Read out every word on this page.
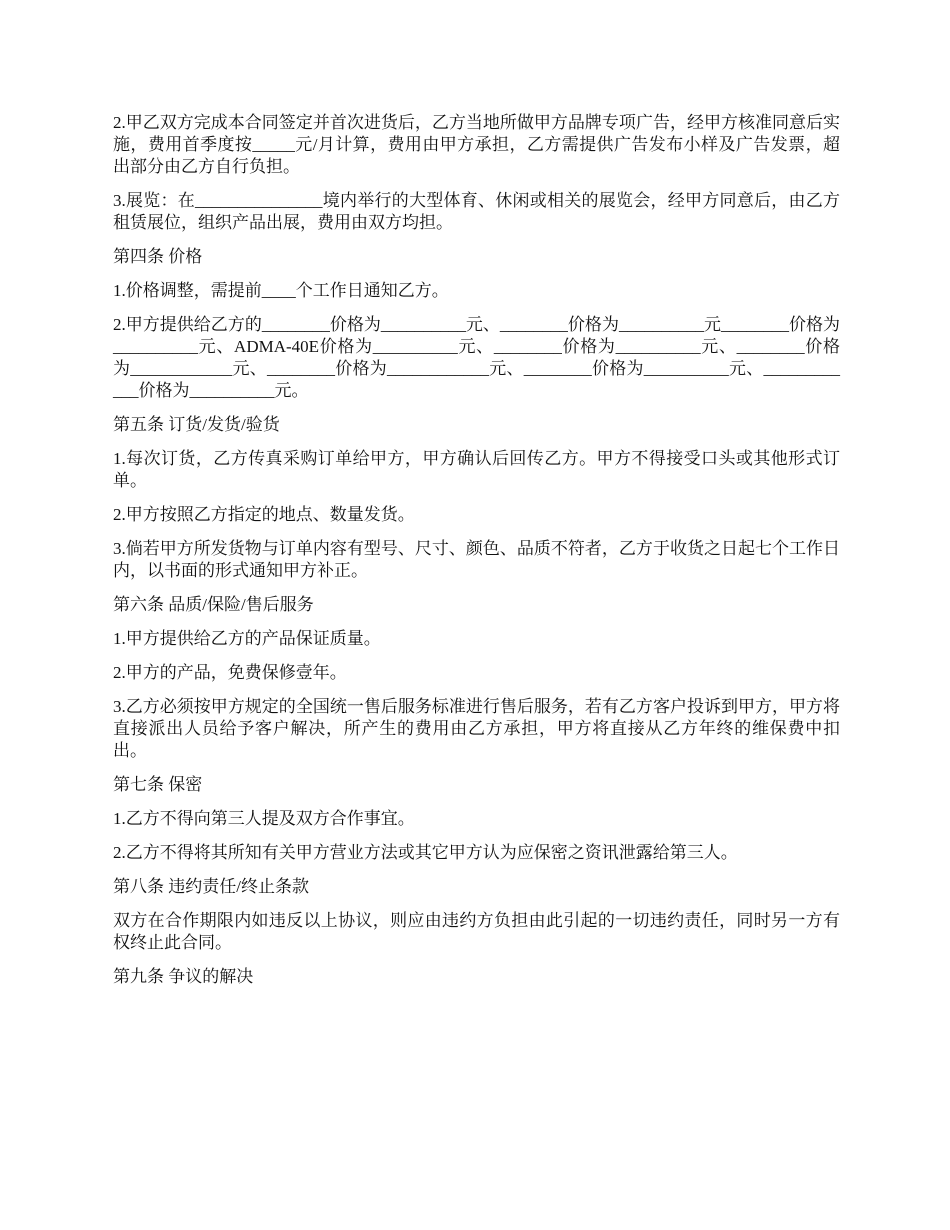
2.甲乙双方完成本合同签定并首次进货后，乙方当地所做甲方品牌专项广告，经甲方核准同意后实施，费用首季度按_____元/月计算，费用由甲方承担，乙方需提供广告发布小样及广告发票，超出部分由乙方自行负担。

3.展览：在_______________境内举行的大型体育、休闲或相关的展览会，经甲方同意后，由乙方租赁展位，组织产品出展，费用由双方均担。

第四条 价格

1.价格调整，需提前____个工作日通知乙方。

2.甲方提供给乙方的________价格为__________元、________价格为__________元________价格为__________元、ADMA-40E价格为__________元、________价格为__________元、________价格为____________元、________价格为____________元、________价格为__________元、____________价格为__________元。

第五条 订货/发货/验货

1.每次订货，乙方传真采购订单给甲方，甲方确认后回传乙方。甲方不得接受口头或其他形式订单。

2.甲方按照乙方指定的地点、数量发货。

3.倘若甲方所发货物与订单内容有型号、尺寸、颜色、品质不符者，乙方于收货之日起七个工作日内，以书面的形式通知甲方补正。

第六条 品质/保险/售后服务

1.甲方提供给乙方的产品保证质量。

2.甲方的产品，免费保修壹年。

3.乙方必须按甲方规定的全国统一售后服务标准进行售后服务，若有乙方客户投诉到甲方，甲方将直接派出人员给予客户解决，所产生的费用由乙方承担，甲方将直接从乙方年终的维保费中扣出。

第七条 保密

1.乙方不得向第三人提及双方合作事宜。

2.乙方不得将其所知有关甲方营业方法或其它甲方认为应保密之资讯泄露给第三人。

第八条 违约责任/终止条款

双方在合作期限内如违反以上协议，则应由违约方负担由此引起的一切违约责任，同时另一方有权终止此合同。

第九条 争议的解决
